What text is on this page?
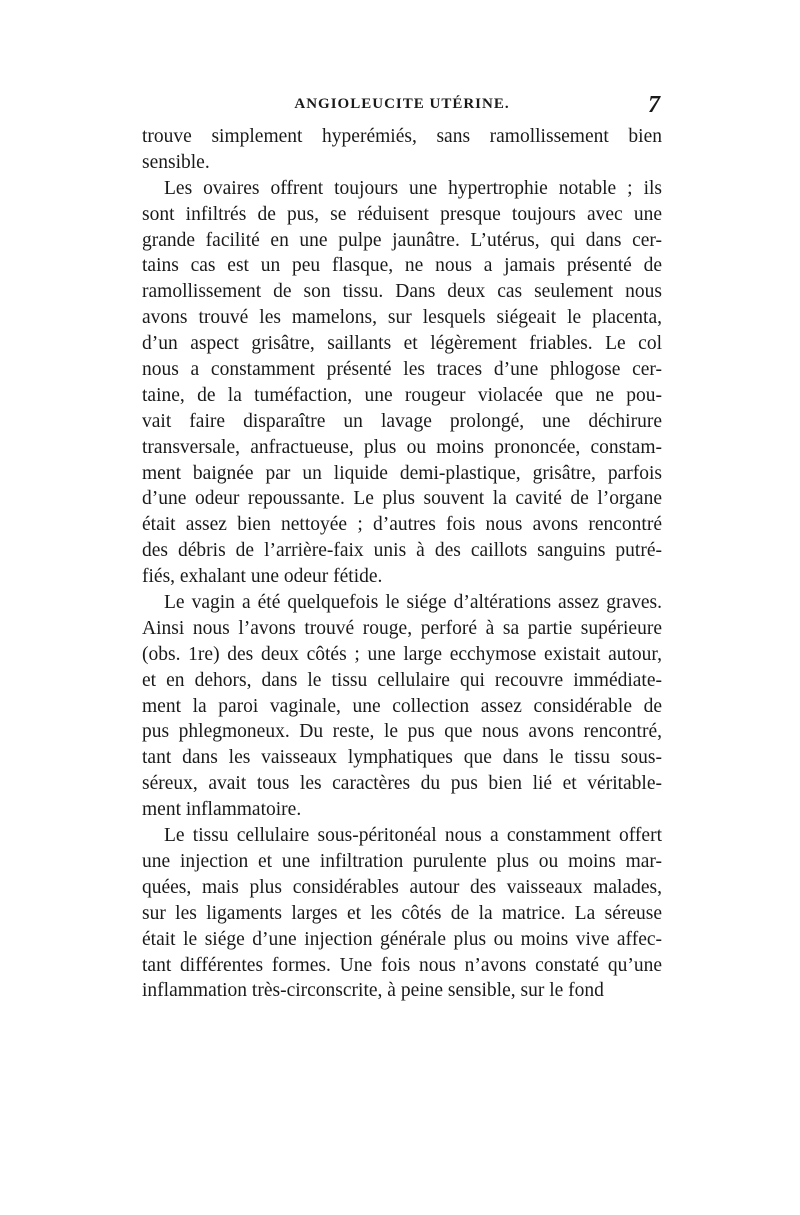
ANGIOLEUCITE UTÉRINE.	7
trouve simplement hyperémiés, sans ramollissement bien
sensible.
Les ovaires offrent toujours une hypertrophie notable ; ils
sont infiltrés de pus, se réduisent presque toujours avec une
grande facilité en une pulpe jaunâtre. L’utérus, qui dans cer-
tains cas est un peu flasque, ne nous a jamais présenté de
ramollissement de son tissu. Dans deux cas seulement nous
avons trouvé les mamelons, sur lesquels siégeait le placenta,
d’un aspect grisâtre, saillants et légèrement friables. Le col
nous a constamment présenté les traces d’une phlogose cer-
taine, de la tuméfaction, une rougeur violacée que ne pou-
vait faire disparaître un lavage prolongé, une déchirure
transversale, anfractueuse, plus ou moins prononcée, constam-
ment baignée par un liquide demi-plastique, grisâtre, parfois
d’une odeur repoussante. Le plus souvent la cavité de l’organe
était assez bien nettoyée ; d’autres fois nous avons rencontré
des débris de l’arrière-faix unis à des caillots sanguins putré-
fiés, exhalant une odeur fétide.
Le vagin a été quelquefois le siége d’altérations assez graves.
Ainsi nous l’avons trouvé rouge, perforé à sa partie supérieure
(obs. 1re) des deux côtés ; une large ecchymose existait autour,
et en dehors, dans le tissu cellulaire qui recouvre immédiate-
ment la paroi vaginale, une collection assez considérable de
pus phlegmoneux. Du reste, le pus que nous avons rencontré,
tant dans les vaisseaux lymphatiques que dans le tissu sous-
séreux, avait tous les caractères du pus bien lié et véritable-
ment inflammatoire.
Le tissu cellulaire sous-péritonéal nous a constamment offert
une injection et une infiltration purulente plus ou moins mar-
quées, mais plus considérables autour des vaisseaux malades,
sur les ligaments larges et les côtés de la matrice. La séreuse
était le siége d’une injection générale plus ou moins vive affec-
tant différentes formes. Une fois nous n’avons constaté qu’une
inflammation très-circonscrite, à peine sensible, sur le fond
